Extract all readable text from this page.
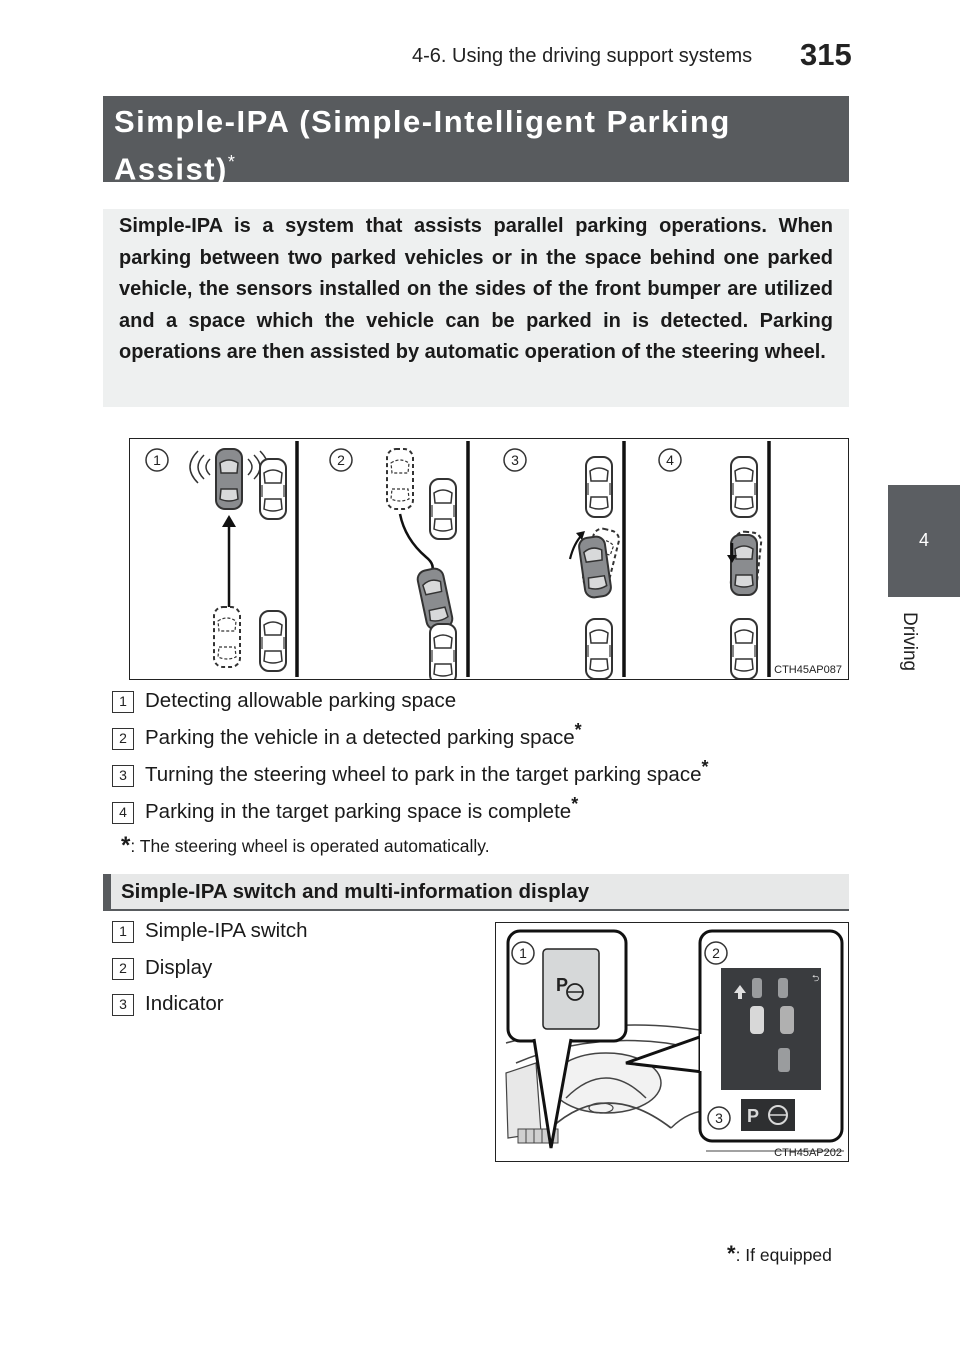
4-6. Using the driving support systems 315
4
Driving
Simple-IPA (Simple-Intelligent Parking Assist)*
Simple-IPA is a system that assists parallel parking operations. When parking between two parked vehicles or in the space behind one parked vehicle, the sensors installed on the sides of the front bumper are utilized and a space which the vehicle can be parked in is detected. Parking operations are then assisted by automatic operation of the steering wheel.
1	2	3	4
CTH45AP087
1 Detecting allowable parking space
2 Parking the vehicle in a detected parking space*
3 Turning the steering wheel to park in the target parking space*
4 Parking in the target parking space is complete*
*: The steering wheel is operated automatically.
Simple-IPA switch and multi-information display
1 Simple-IPA switch
2 Display
3 Indicator
P
1
⮌
2
3 P
CTH45AP202
*: If equipped
